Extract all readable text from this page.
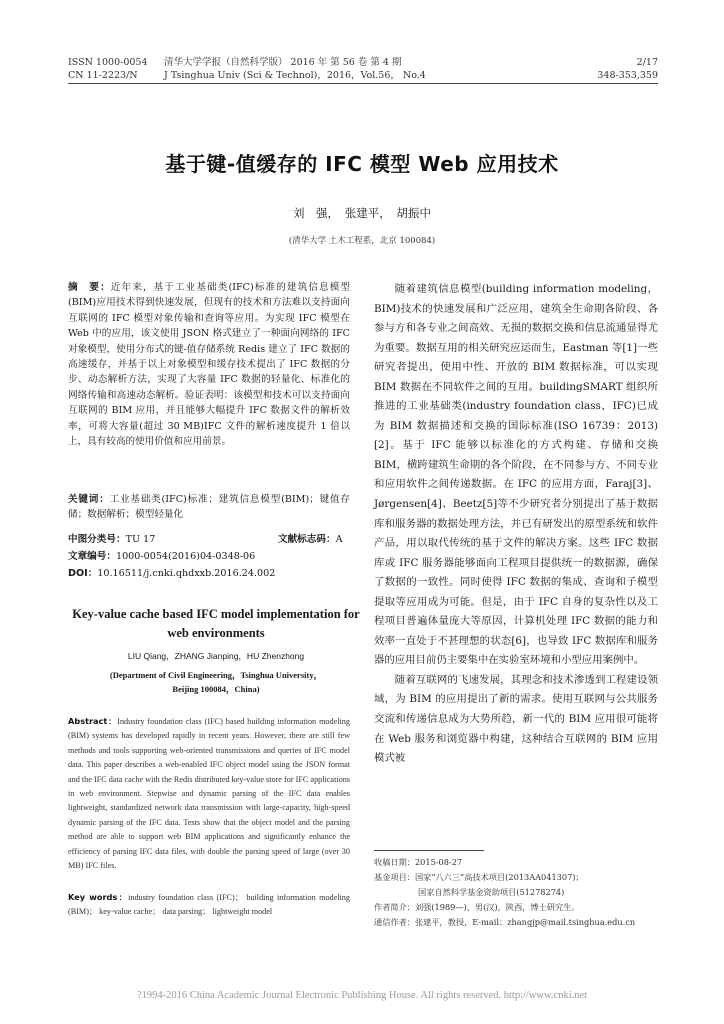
ISSN 1000-0054
CN 11-2223/N
清华大学学报（自然科学版） 2016 年 第 56 卷 第 4 期
J Tsinghua Univ (Sci & Technol)，2016，Vol.56， No.4
2/17
348-353,359
基于键-值缓存的 IFC 模型 Web 应用技术
刘　强，　张建平，　胡振中
(清华大学 土木工程系，北京 100084)
摘　要：近年来，基于工业基础类(IFC)标准的建筑信息模型(BIM)应用技术得到快速发展，但现有的技术和方法难以支持面向互联网的 IFC 模型对象传输和查询等应用。为实现 IFC 模型在 Web 中的应用，该文使用 JSON 格式建立了一种面向网络的 IFC 对象模型，使用分布式的键-值存储系统 Redis 建立了 IFC 数据的高速缓存，并基于以上对象模型和缓存技术提出了 IFC 数据的分步、动态解析方法，实现了大容量 IFC 数据的轻量化、标准化的网络传输和高速动态解析。验证表明：该模型和技术可以支持面向互联网的 BIM 应用，并且能够大幅提升 IFC 数据文件的解析效率，可将大容量(超过 30 MB)IFC 文件的解析速度提升 1 倍以上，具有较高的使用价值和应用前景。
关键词：工业基础类(IFC)标准；建筑信息模型(BIM)；键值存储；数据解析；模型轻量化
中图分类号：TU 17	文献标志码：A
文章编号：1000-0054(2016)04-0348-06
DOI：10.16511/j.cnki.qhdxxb.2016.24.002
Key-value cache based IFC model implementation for web environments
LIU Qiang，ZHANG Jianping，HU Zhenzhong
(Department of Civil Engineering，Tsinghua University，
Beijing 100084，China)
Abstract：Industry foundation class (IFC) based building information modeling (BIM) systems has developed rapidly in recent years. However, there are still few methods and tools supporting web-oriented transmissions and queries of IFC model data. This paper describes a web-enabled IFC object model using the JSON format and the IFC data cache with the Redis distributed key-value store for IFC applications in web environment. Stepwise and dynamic parsing of the IFC data enables lightweight, standardized network data transmission with large-capacity, high-speed dynamic parsing of the IFC data. Tests show that the object model and the parsing method are able to support web BIM applications and significantly enhance the efficiency of parsing IFC data files, with double the parsing speed of large (over 30 MB) IFC files.
Key words：industry foundation class (IFC)； building information modeling (BIM)； key-value cache； data parsing； lightweight model

随着建筑信息模型(building information modeling，BIM)技术的快速发展和广泛应用，建筑全生命期各阶段、各参与方和各专业之间高效、无损的数据交换和信息流通显得尤为重要。数据互用的相关研究应运而生，Eastman 等[1]一些研究者提出，使用中性、开放的 BIM 数据标准，可以实现 BIM 数据在不同软件之间的互用。buildingSMART 组织所推进的工业基础类(industry foundation class，IFC)已成为 BIM 数据描述和交换的国际标准(ISO 16739：2013)[2]。基于 IFC 能够以标准化的方式构建、存储和交换 BIM，横跨建筑生命期的各个阶段，在不同参与方、不同专业和应用软件之间传递数据。在 IFC 的应用方面，Faraj[3]、Jørgensen[4]、Beetz[5]等不少研究者分别提出了基于数据库和服务器的数据处理方法，并已有研发出的原型系统和软件产品，用以取代传统的基于文件的解决方案。这些 IFC 数据库或 IFC 服务器能够面向工程项目提供统一的数据源，确保了数据的一致性。同时使得 IFC 数据的集成、查询和子模型提取等应用成为可能。但是，由于 IFC 自身的复杂性以及工程项目普遍体量庞大等原因，计算机处理 IFC 数据的能力和效率一直处于不甚理想的状态[6]，也导致 IFC 数据库和服务器的应用目前仍主要集中在实验室环境和小型应用案例中。

随着互联网的飞速发展，其理念和技术渗透到工程建设领域，为 BIM 的应用提出了新的需求。使用互联网与公共服务交流和传递信息成为大势所趋，新一代的 BIM 应用很可能将在 Web 服务和浏览器中构建，这种结合互联网的 BIM 应用模式被

收稿日期：2015-08-27
基金项目：国家“八六三”高技术项目(2013AA041307)；
国家自然科学基金资助项目(51278274)
作者简介：刘强(1989—)，男(汉)，陕西，博士研究生。
通信作者：张建平，教授，E-mail：zhangjp@mail.tsinghua.edu.cn
?1994-2016 China Academic Journal Electronic Publishing House. All rights reserved. http://www.cnki.net
